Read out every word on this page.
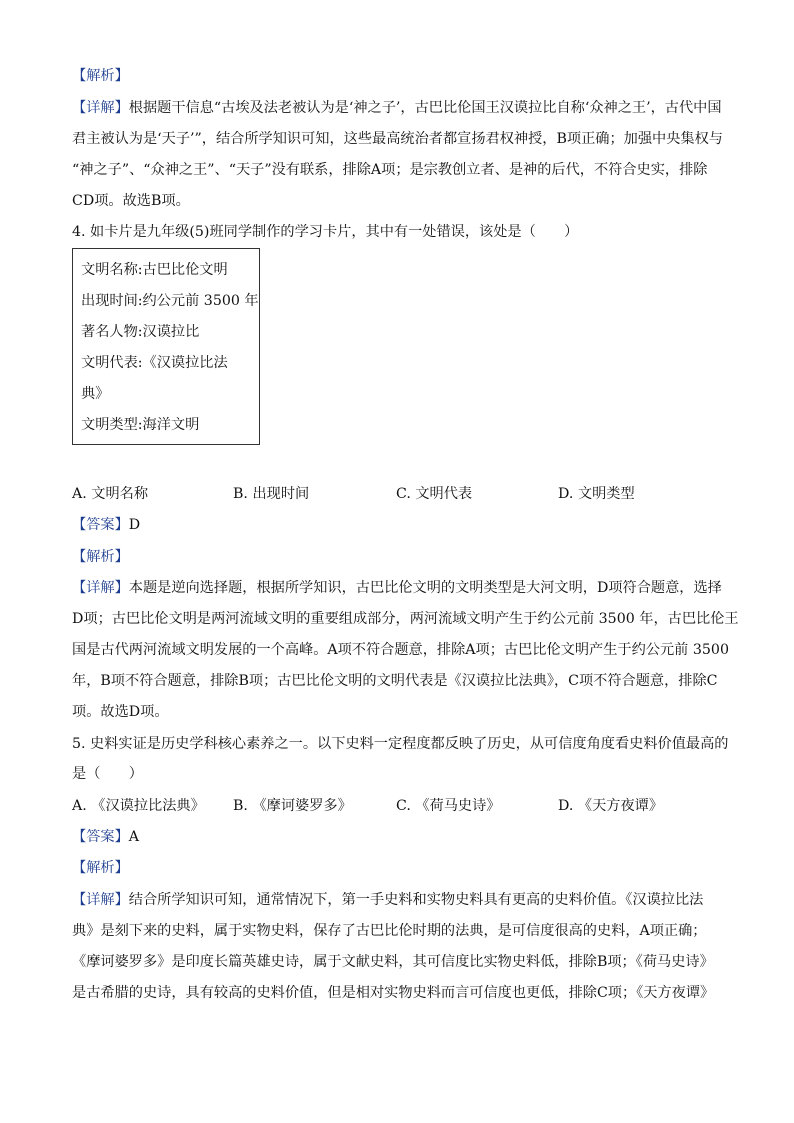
【解析】
【详解】根据题干信息“古埃及法老被认为是‘神之子’，古巴比伦国王汉谟拉比自称‘众神之王’，古代中国
君主被认为是‘天子’”，结合所学知识可知，这些最高统治者都宣扬君权神授，B项正确；加强中央集权与
“神之子”、“众神之王”、“天子”没有联系，排除A项；是宗教创立者、是神的后代，不符合史实，排除
CD项。故选B项。
4. 如卡片是九年级(5)班同学制作的学习卡片，其中有一处错误，该处是（　　）
文明名称:古巴比伦文明
出现时间:约公元前 3500 年
著名人物:汉谟拉比
文明代表:《汉谟拉比法
典》
文明类型:海洋文明
A. 文明名称	B. 出现时间	C. 文明代表	D. 文明类型
【答案】D
【解析】
【详解】本题是逆向选择题，根据所学知识，古巴比伦文明的文明类型是大河文明，D项符合题意，选择
D项；古巴比伦文明是两河流域文明的重要组成部分，两河流域文明产生于约公元前 3500 年，古巴比伦王
国是古代两河流域文明发展的一个高峰。A项不符合题意，排除A项；古巴比伦文明产生于约公元前 3500
年，B项不符合题意，排除B项；古巴比伦文明的文明代表是《汉谟拉比法典》，C项不符合题意，排除C
项。故选D项。
5. 史料实证是历史学科核心素养之一。以下史料一定程度都反映了历史，从可信度角度看史料价值最高的
是（　　）
A. 《汉谟拉比法典》 B. 《摩诃婆罗多》	C. 《荷马史诗》	D. 《天方夜谭》
【答案】A
【解析】
【详解】结合所学知识可知，通常情况下，第一手史料和实物史料具有更高的史料价值。《汉谟拉比法
典》是刻下来的史料，属于实物史料，保存了古巴比伦时期的法典，是可信度很高的史料，A项正确；
《摩诃婆罗多》是印度长篇英雄史诗，属于文献史料，其可信度比实物史料低，排除B项；《荷马史诗》
是古希腊的史诗，具有较高的史料价值，但是相对实物史料而言可信度也更低，排除C项；《天方夜谭》
